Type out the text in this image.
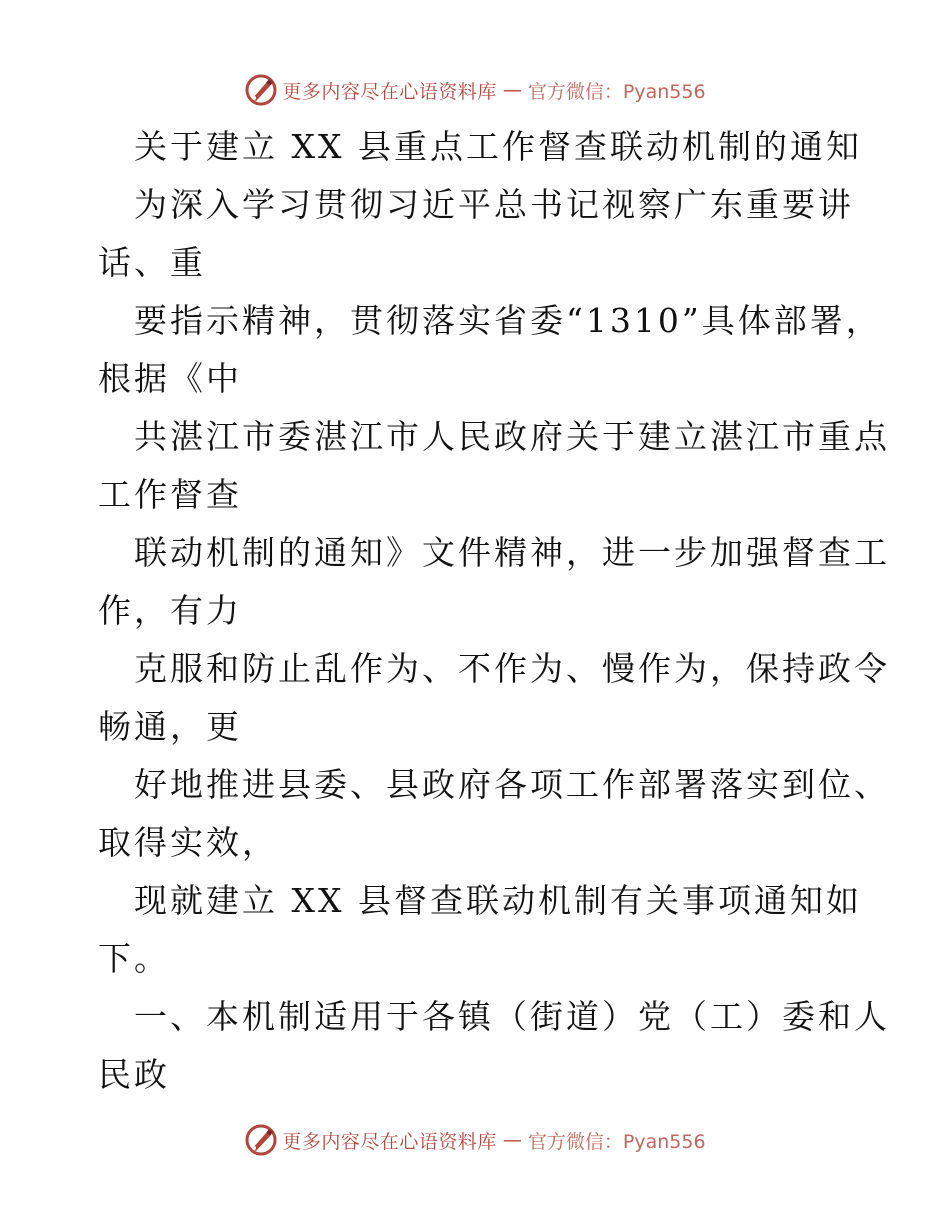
更多内容尽在心语资料库 — 官方微信：Pyan556
关于建立 XX 县重点工作督查联动机制的通知
为深入学习贯彻习近平总书记视察广东重要讲
话、重
要指示精神，贯彻落实省委“1310”具体部署，
根据《中
共湛江市委湛江市人民政府关于建立湛江市重点
工作督查
联动机制的通知》文件精神，进一步加强督查工
作，有力
克服和防止乱作为、不作为、慢作为，保持政令
畅通，更
好地推进县委、县政府各项工作部署落实到位、
取得实效，
现就建立 XX 县督查联动机制有关事项通知如
下。
一、本机制适用于各镇（街道）党（工）委和人
民政
更多内容尽在心语资料库 — 官方微信：Pyan556
